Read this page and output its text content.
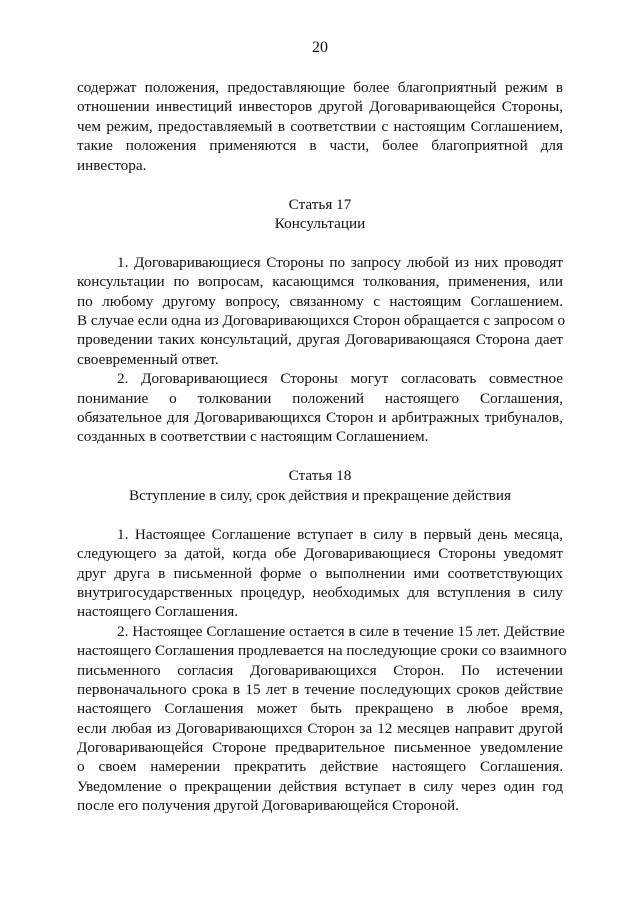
20
содержат положения, предоставляющие более благоприятный режим в
отношении инвестиций инвесторов другой Договаривающейся Стороны,
чем режим, предоставляемый в соответствии с настоящим Соглашением,
такие положения применяются в части, более благоприятной для
инвестора.
Статья 17
Консультации
1. Договаривающиеся Стороны по запросу любой из них проводят
консультации по вопросам, касающимся толкования, применения, или
по любому другому вопросу, связанному с настоящим Соглашением.
В случае если одна из Договаривающихся Сторон обращается с запросом о
проведении таких консультаций, другая Договаривающаяся Сторона дает
своевременный ответ.
2. Договаривающиеся Стороны могут согласовать совместное
понимание о толковании положений настоящего Соглашения,
обязательное для Договаривающихся Сторон и арбитражных трибуналов,
созданных в соответствии с настоящим Соглашением.
Статья 18
Вступление в силу, срок действия и прекращение действия
1. Настоящее Соглашение вступает в силу в первый день месяца,
следующего за датой, когда обе Договаривающиеся Стороны уведомят
друг друга в письменной форме о выполнении ими соответствующих
внутригосударственных процедур, необходимых для вступления в силу
настоящего Соглашения.
2. Настоящее Соглашение остается в силе в течение 15 лет. Действие
настоящего Соглашения продлевается на последующие сроки со взаимного
письменного согласия Договаривающихся Сторон. По истечении
первоначального срока в 15 лет в течение последующих сроков действие
настоящего Соглашения может быть прекращено в любое время,
если любая из Договаривающихся Сторон за 12 месяцев направит другой
Договаривающейся Стороне предварительное письменное уведомление
о своем намерении прекратить действие настоящего Соглашения.
Уведомление о прекращении действия вступает в силу через один год
после его получения другой Договаривающейся Стороной.
